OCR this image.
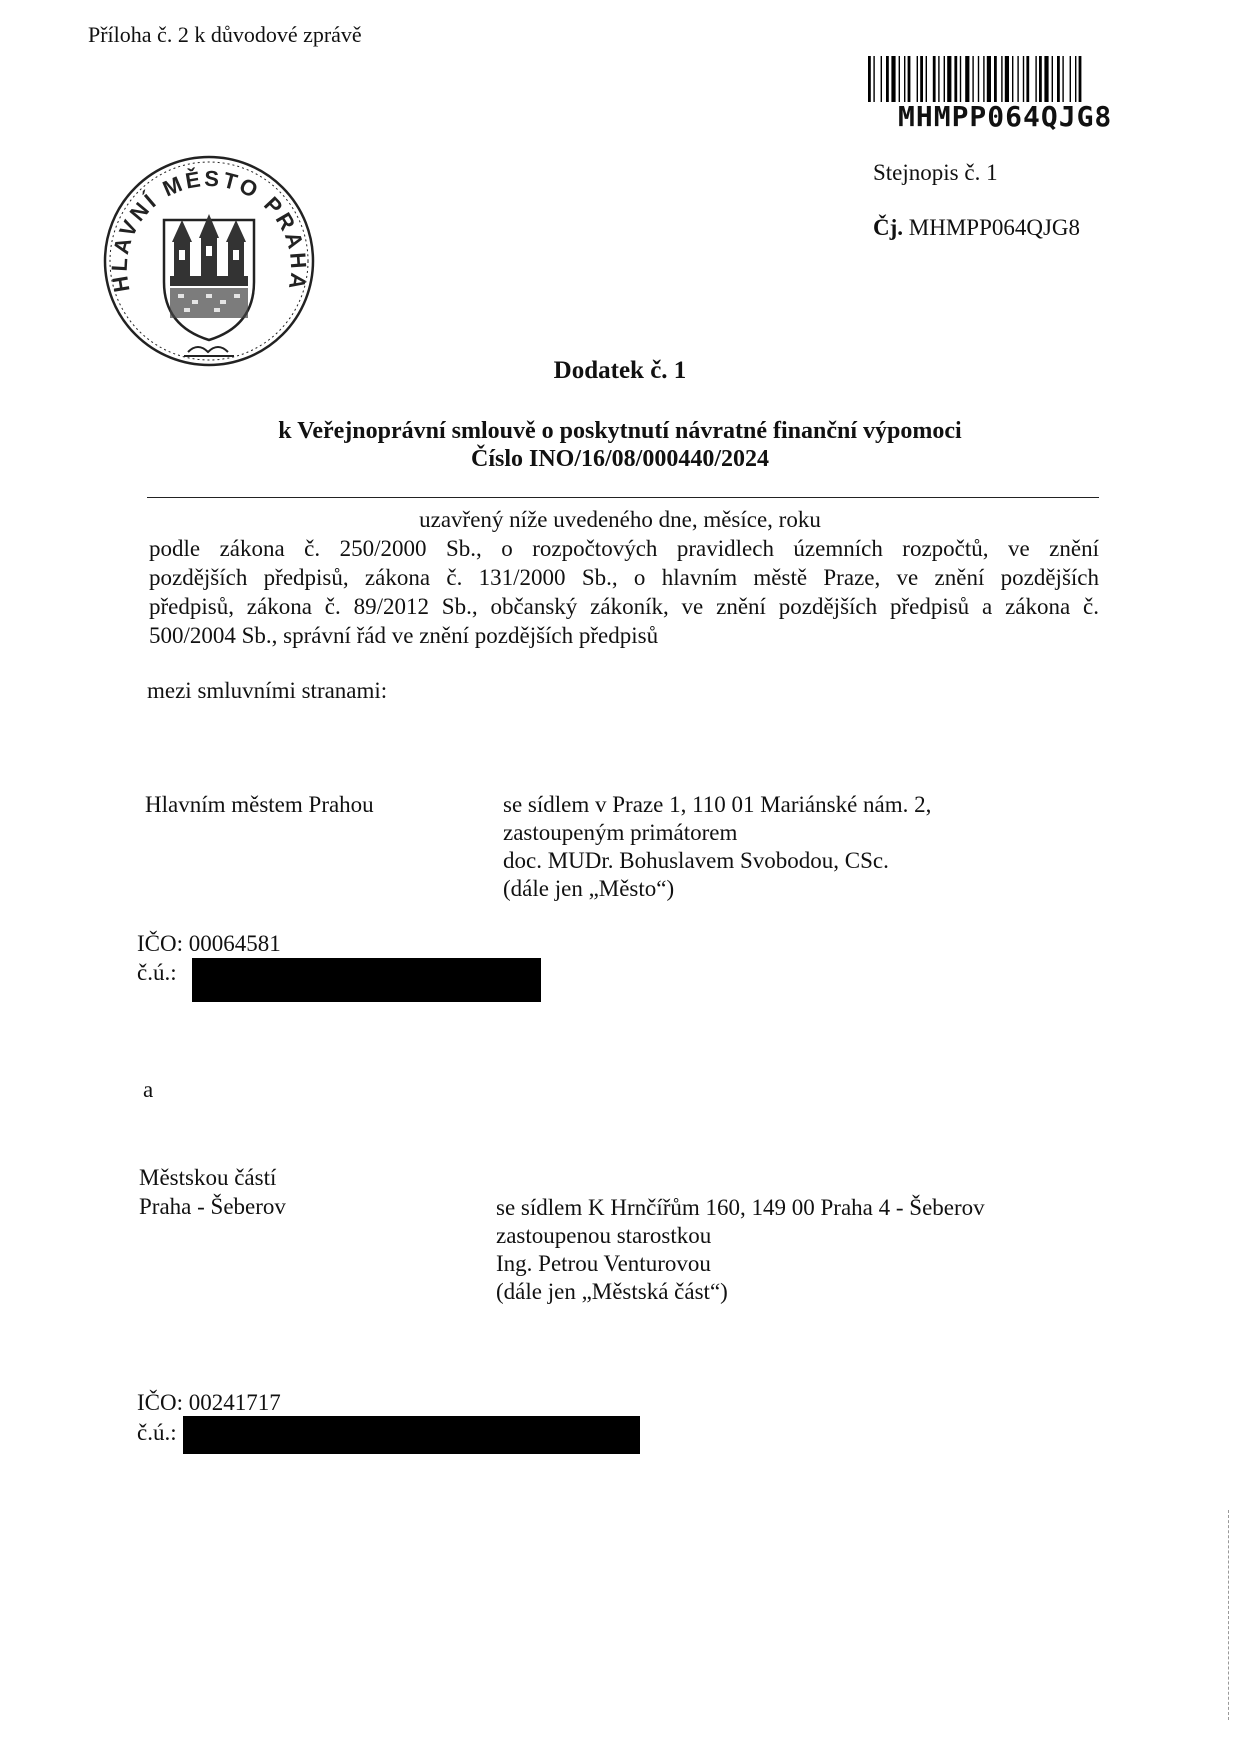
Příloha č. 2 k důvodové zprávě
MHMPP064QJG8
Stejnopis č. 1
Čj. MHMPP064QJG8
HLAVNÍ MĚSTO PRAHA
Dodatek č. 1
k Veřejnoprávní smlouvě o poskytnutí návratné finanční výpomoci
Číslo INO/16/08/000440/2024
uzavřený níže uvedeného dne, měsíce, roku
podle zákona č. 250/2000 Sb., o rozpočtových pravidlech územních rozpočtů, ve znění
pozdějších předpisů, zákona č. 131/2000 Sb., o hlavním městě Praze, ve znění pozdějších
předpisů, zákona č. 89/2012 Sb., občanský zákoník, ve znění pozdějších předpisů a zákona č.
500/2004 Sb., správní řád ve znění pozdějších předpisů
mezi smluvními stranami:
Hlavním městem Prahou	se sídlem v Praze 1, 110 01 Mariánské nám. 2,
zastoupeným primátorem
doc. MUDr. Bohuslavem Svobodou, CSc.
(dále jen „Město“)
IČO: 00064581
č.ú.:
a
Městskou částí
Praha - Šeberov	se sídlem K Hrnčířům 160, 149 00 Praha 4 - Šeberov
zastoupenou starostkou
Ing. Petrou Venturovou
(dále jen „Městská část“)
IČO: 00241717
č.ú.:
